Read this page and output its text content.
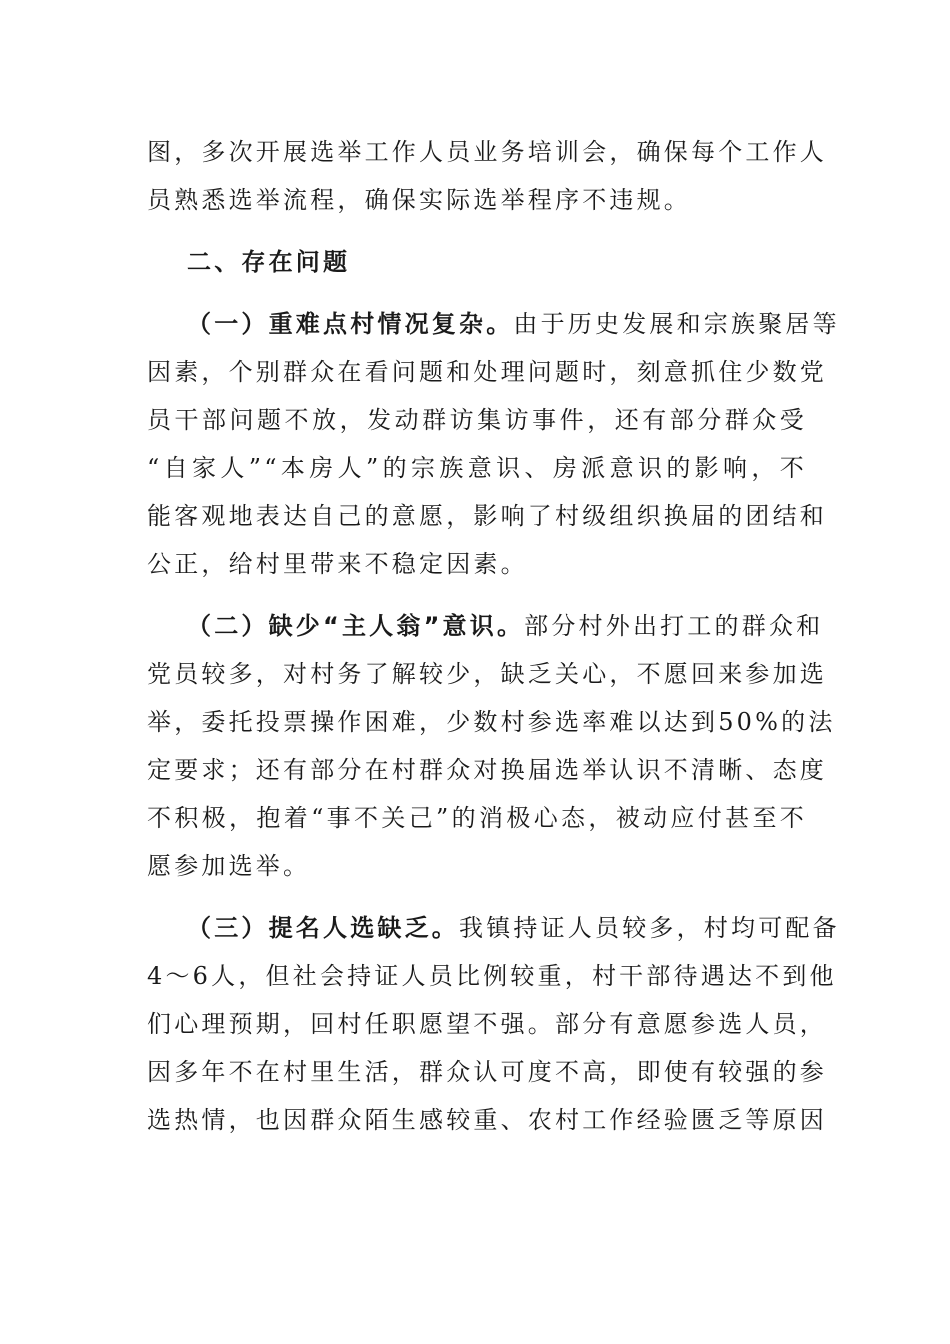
图，多次开展选举工作人员业务培训会，确保每个工作人
员熟悉选举流程，确保实际选举程序不违规。
二、存在问题
（一）重难点村情况复杂。由于历史发展和宗族聚居等
因素，个别群众在看问题和处理问题时，刻意抓住少数党
员干部问题不放，发动群访集访事件，还有部分群众受
“自家人”“本房人”的宗族意识、房派意识的影响，不
能客观地表达自己的意愿，影响了村级组织换届的团结和
公正，给村里带来不稳定因素。
（二）缺少“主人翁”意识。部分村外出打工的群众和
党员较多，对村务了解较少，缺乏关心，不愿回来参加选
举，委托投票操作困难，少数村参选率难以达到50%的法
定要求；还有部分在村群众对换届选举认识不清晰、态度
不积极，抱着“事不关己”的消极心态，被动应付甚至不
愿参加选举。
（三）提名人选缺乏。我镇持证人员较多，村均可配备
4～6人，但社会持证人员比例较重，村干部待遇达不到他
们心理预期，回村任职愿望不强。部分有意愿参选人员，
因多年不在村里生活，群众认可度不高，即使有较强的参
选热情，也因群众陌生感较重、农村工作经验匮乏等原因
